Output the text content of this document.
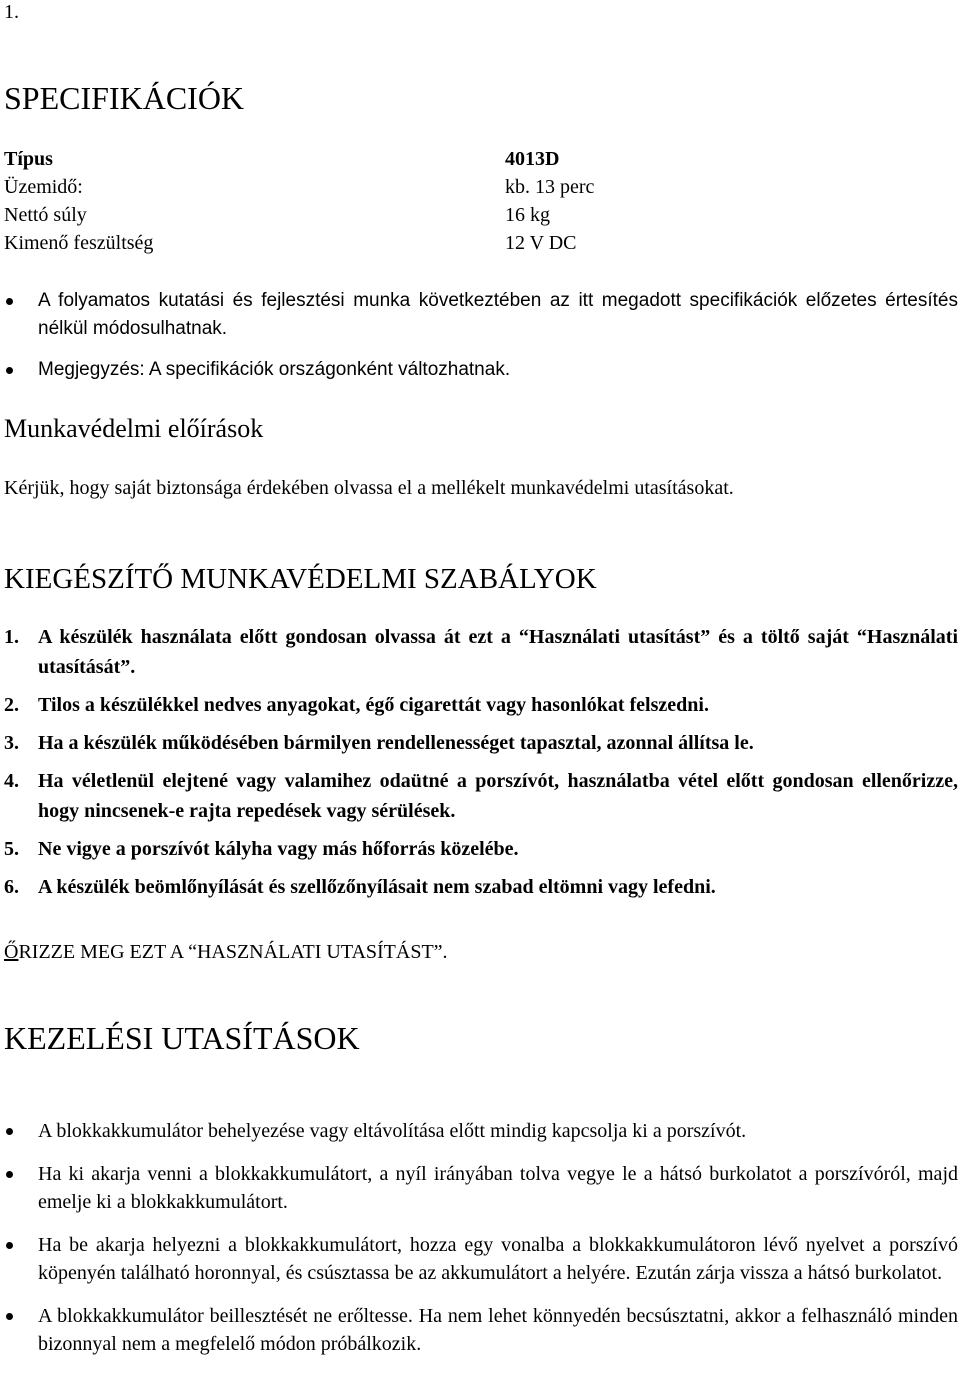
1.
SPECIFIKÁCIÓK
Típus	4013D
Üzemidő:	kb. 13 perc
Nettó súly	16 kg
Kimenő feszültség	12 V DC
A folyamatos kutatási és fejlesztési munka következtében az itt megadott specifikációk előzetes értesítés nélkül módosulhatnak.
Megjegyzés: A specifikációk országonként változhatnak.
Munkavédelmi előírások
Kérjük, hogy saját biztonsága érdekében olvassa el a mellékelt munkavédelmi utasításokat.
KIEGÉSZÍTŐ MUNKAVÉDELMI SZABÁLYOK
1. A készülék használata előtt gondosan olvassa át ezt a “Használati utasítást” és a töltő saját “Használati utasítását”.
2. Tilos a készülékkel nedves anyagokat, égő cigarettát vagy hasonlókat felszedni.
3. Ha a készülék működésében bármilyen rendellenességet tapasztal, azonnal állítsa le.
4. Ha véletlenül elejtené vagy valamihez odaütné a porszívót, használatba vétel előtt gondosan ellenőrizze, hogy nincsenek-e rajta repedések vagy sérülések.
5. Ne vigye a porszívót kályha vagy más hőforrás közelébe.
6. A készülék beömlőnyílását és szellőzőnyílásait nem szabad eltömni vagy lefedni.
ŐRIZZE MEG EZT A “HASZNÁLATI UTASÍTÁST”.
KEZELÉSI UTASÍTÁSOK
A blokkakkumulátor behelyezése vagy eltávolítása előtt mindig kapcsolja ki a porszívót.
Ha ki akarja venni a blokkakkumulátort, a nyíl irányában tolva vegye le a hátsó burkolatot a porszívóról, majd emelje ki a blokkakkumulátort.
Ha be akarja helyezni a blokkakkumulátort, hozza egy vonalba a blokkakkumulátoron lévő nyelvet a porszívó köpenyén található horonnyal, és csúsztassa be az akkumulátort a helyére. Ezután zárja vissza a hátsó burkolatot.
A blokkakkumulátor beillesztését ne erőltesse. Ha nem lehet könnyedén becsúsztatni, akkor a felhasználó minden bizonnyal nem a megfelelő módon próbálkozik.
